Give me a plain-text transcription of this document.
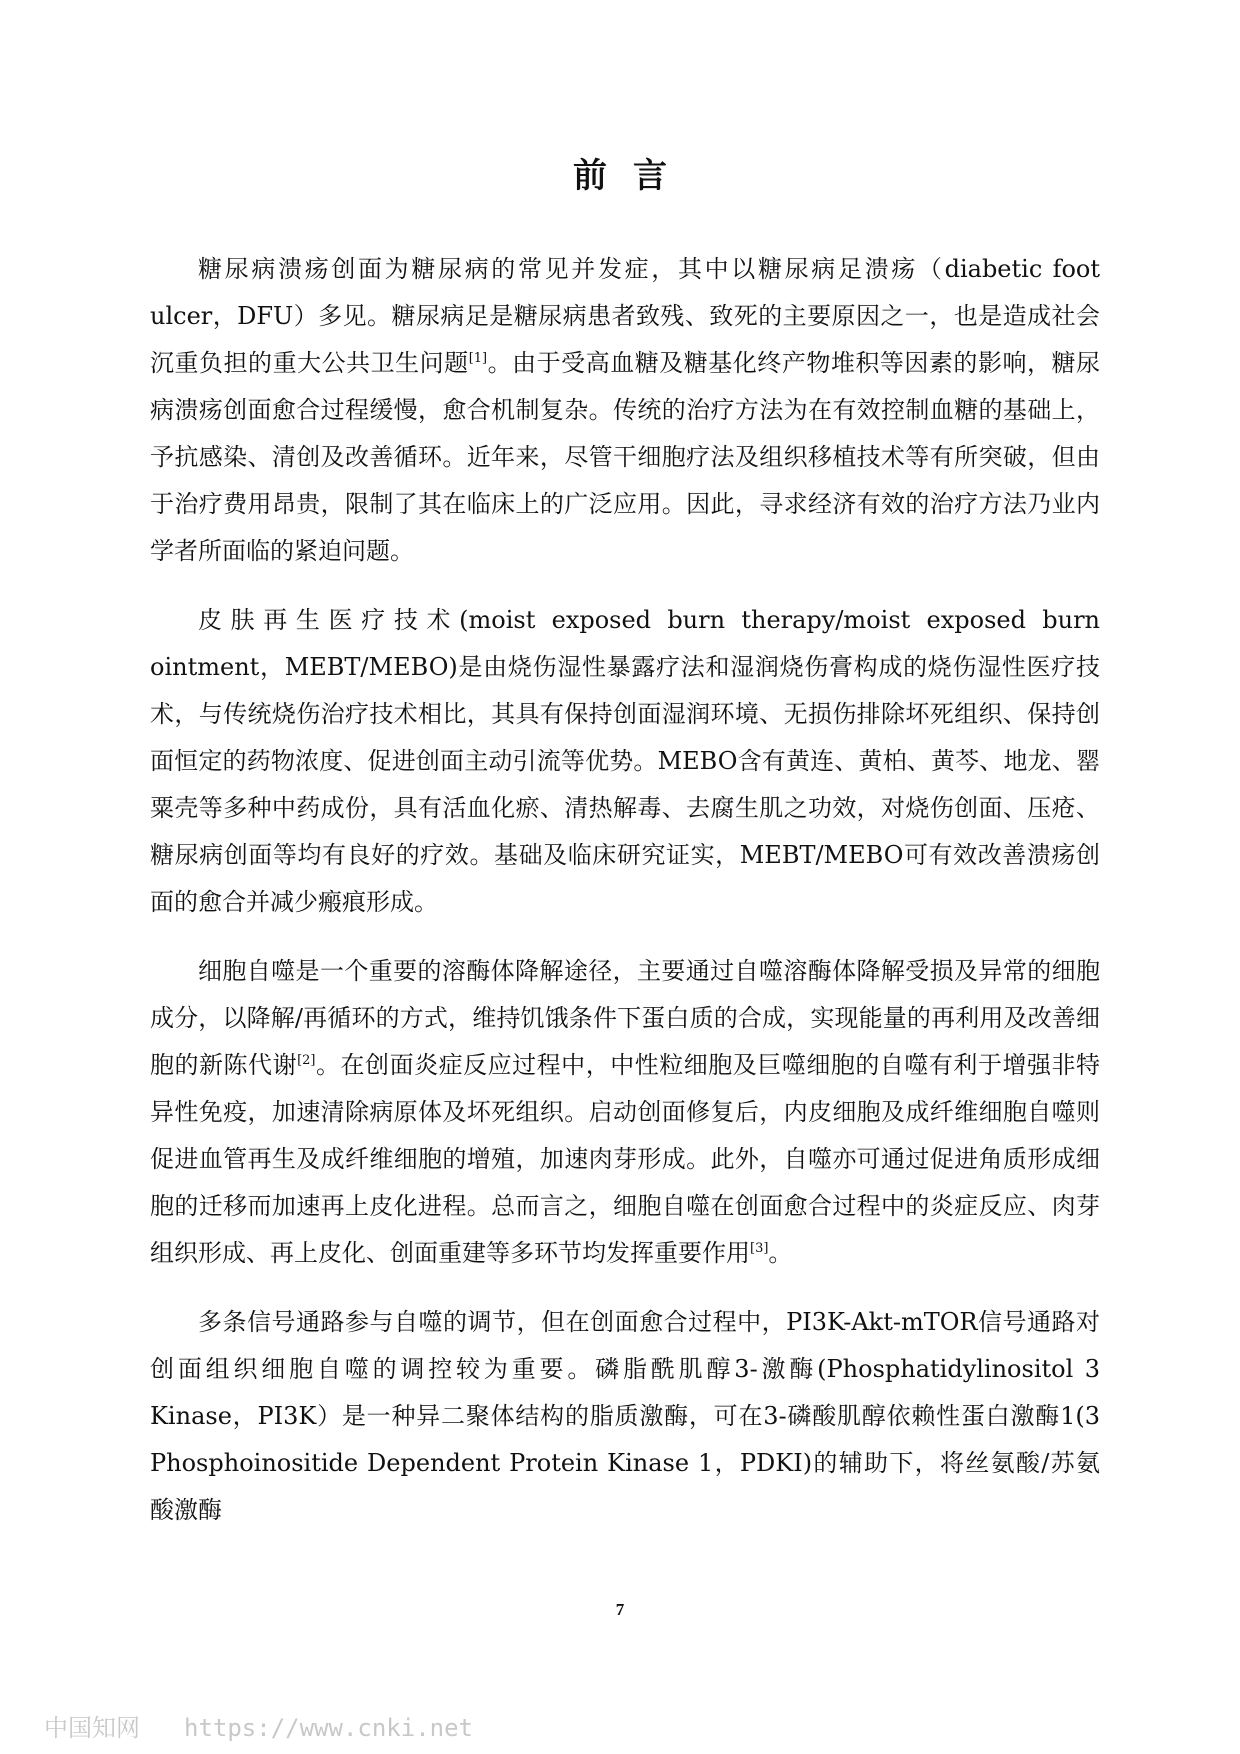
前言

糖尿病溃疡创面为糖尿病的常见并发症，其中以糖尿病足溃疡（diabetic foot ulcer，DFU）多见。糖尿病足是糖尿病患者致残、致死的主要原因之一，也是造成社会沉重负担的重大公共卫生问题[1]。由于受高血糖及糖基化终产物堆积等因素的影响，糖尿病溃疡创面愈合过程缓慢，愈合机制复杂。传统的治疗方法为在有效控制血糖的基础上，予抗感染、清创及改善循环。近年来，尽管干细胞疗法及组织移植技术等有所突破，但由于治疗费用昂贵，限制了其在临床上的广泛应用。因此，寻求经济有效的治疗方法乃业内学者所面临的紧迫问题。

皮肤再生医疗技术(moist exposed burn therapy/moist exposed burn ointment，MEBT/MEBO)是由烧伤湿性暴露疗法和湿润烧伤膏构成的烧伤湿性医疗技术，与传统烧伤治疗技术相比，其具有保持创面湿润环境、无损伤排除坏死组织、保持创面恒定的药物浓度、促进创面主动引流等优势。MEBO含有黄连、黄柏、黄芩、地龙、罂粟壳等多种中药成份，具有活血化瘀、清热解毒、去腐生肌之功效，对烧伤创面、压疮、糖尿病创面等均有良好的疗效。基础及临床研究证实，MEBT/MEBO可有效改善溃疡创面的愈合并减少瘢痕形成。

细胞自噬是一个重要的溶酶体降解途径，主要通过自噬溶酶体降解受损及异常的细胞成分，以降解/再循环的方式，维持饥饿条件下蛋白质的合成，实现能量的再利用及改善细胞的新陈代谢[2]。在创面炎症反应过程中，中性粒细胞及巨噬细胞的自噬有利于增强非特异性免疫，加速清除病原体及坏死组织。启动创面修复后，内皮细胞及成纤维细胞自噬则促进血管再生及成纤维细胞的增殖，加速肉芽形成。此外，自噬亦可通过促进角质形成细胞的迁移而加速再上皮化进程。总而言之，细胞自噬在创面愈合过程中的炎症反应、肉芽组织形成、再上皮化、创面重建等多环节均发挥重要作用[3]。

多条信号通路参与自噬的调节，但在创面愈合过程中，PI3K-Akt-mTOR信号通路对创面组织细胞自噬的调控较为重要。磷脂酰肌醇3-激酶(Phosphatidylinositol 3 Kinase，PI3K）是一种异二聚体结构的脂质激酶，可在3-磷酸肌醇依赖性蛋白激酶1(3 Phosphoinositide Dependent Protein Kinase 1，PDKI)的辅助下，将丝氨酸/苏氨酸激酶

7
中国知网 https://www.cnki.net
